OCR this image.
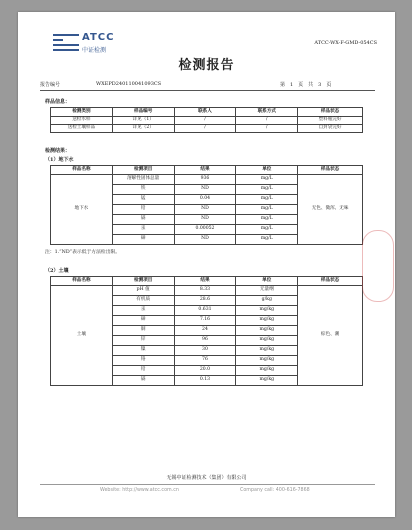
ATCC
中证检测
ATCC-WX-F-GMD-054CS
检测报告
报告编号	WXEPD240110041093CS	第　1　页　共　3　页
样品信息：
检测类别	样品编号	联系人	联系方式	样品状态
送检水样	详见（1）	/	/	塑料瓶完好
送检土壤样品	详见（2）	/	/	自封袋完好
检测结果：
（1）地下水
样品名称	检测项目	结果	单位	样品状态
地下水	溶解性固体总量	936	mg/L	无色、微浑、无味
	铁	ND	mg/L	
	锰	0.04	mg/L	
	铅	ND	mg/L	
	镉	ND	mg/L	
	汞	0.00052	mg/L	
	砷	ND	mg/L	
注：1.“ND”表示低于方法检出限。
（2）土壤
样品名称	检测项目	结果	单位	样品状态
土壤	pH 值	8.33	无量纲	棕色、潮
	有机质	28.6	g/kg	
	汞	0.631	mg/kg	
	砷	7.16	mg/kg	
	铜	24	mg/kg	
	锌	96	mg/kg	
	镍	30	mg/kg	
	铬	76	mg/kg	
	铅	20.0	mg/kg	
	镉	0.13	mg/kg	
无锡中证检测技术（集团）有限公司
Website: http://www.atcc.com.cn	Company call: 400-616-7868
